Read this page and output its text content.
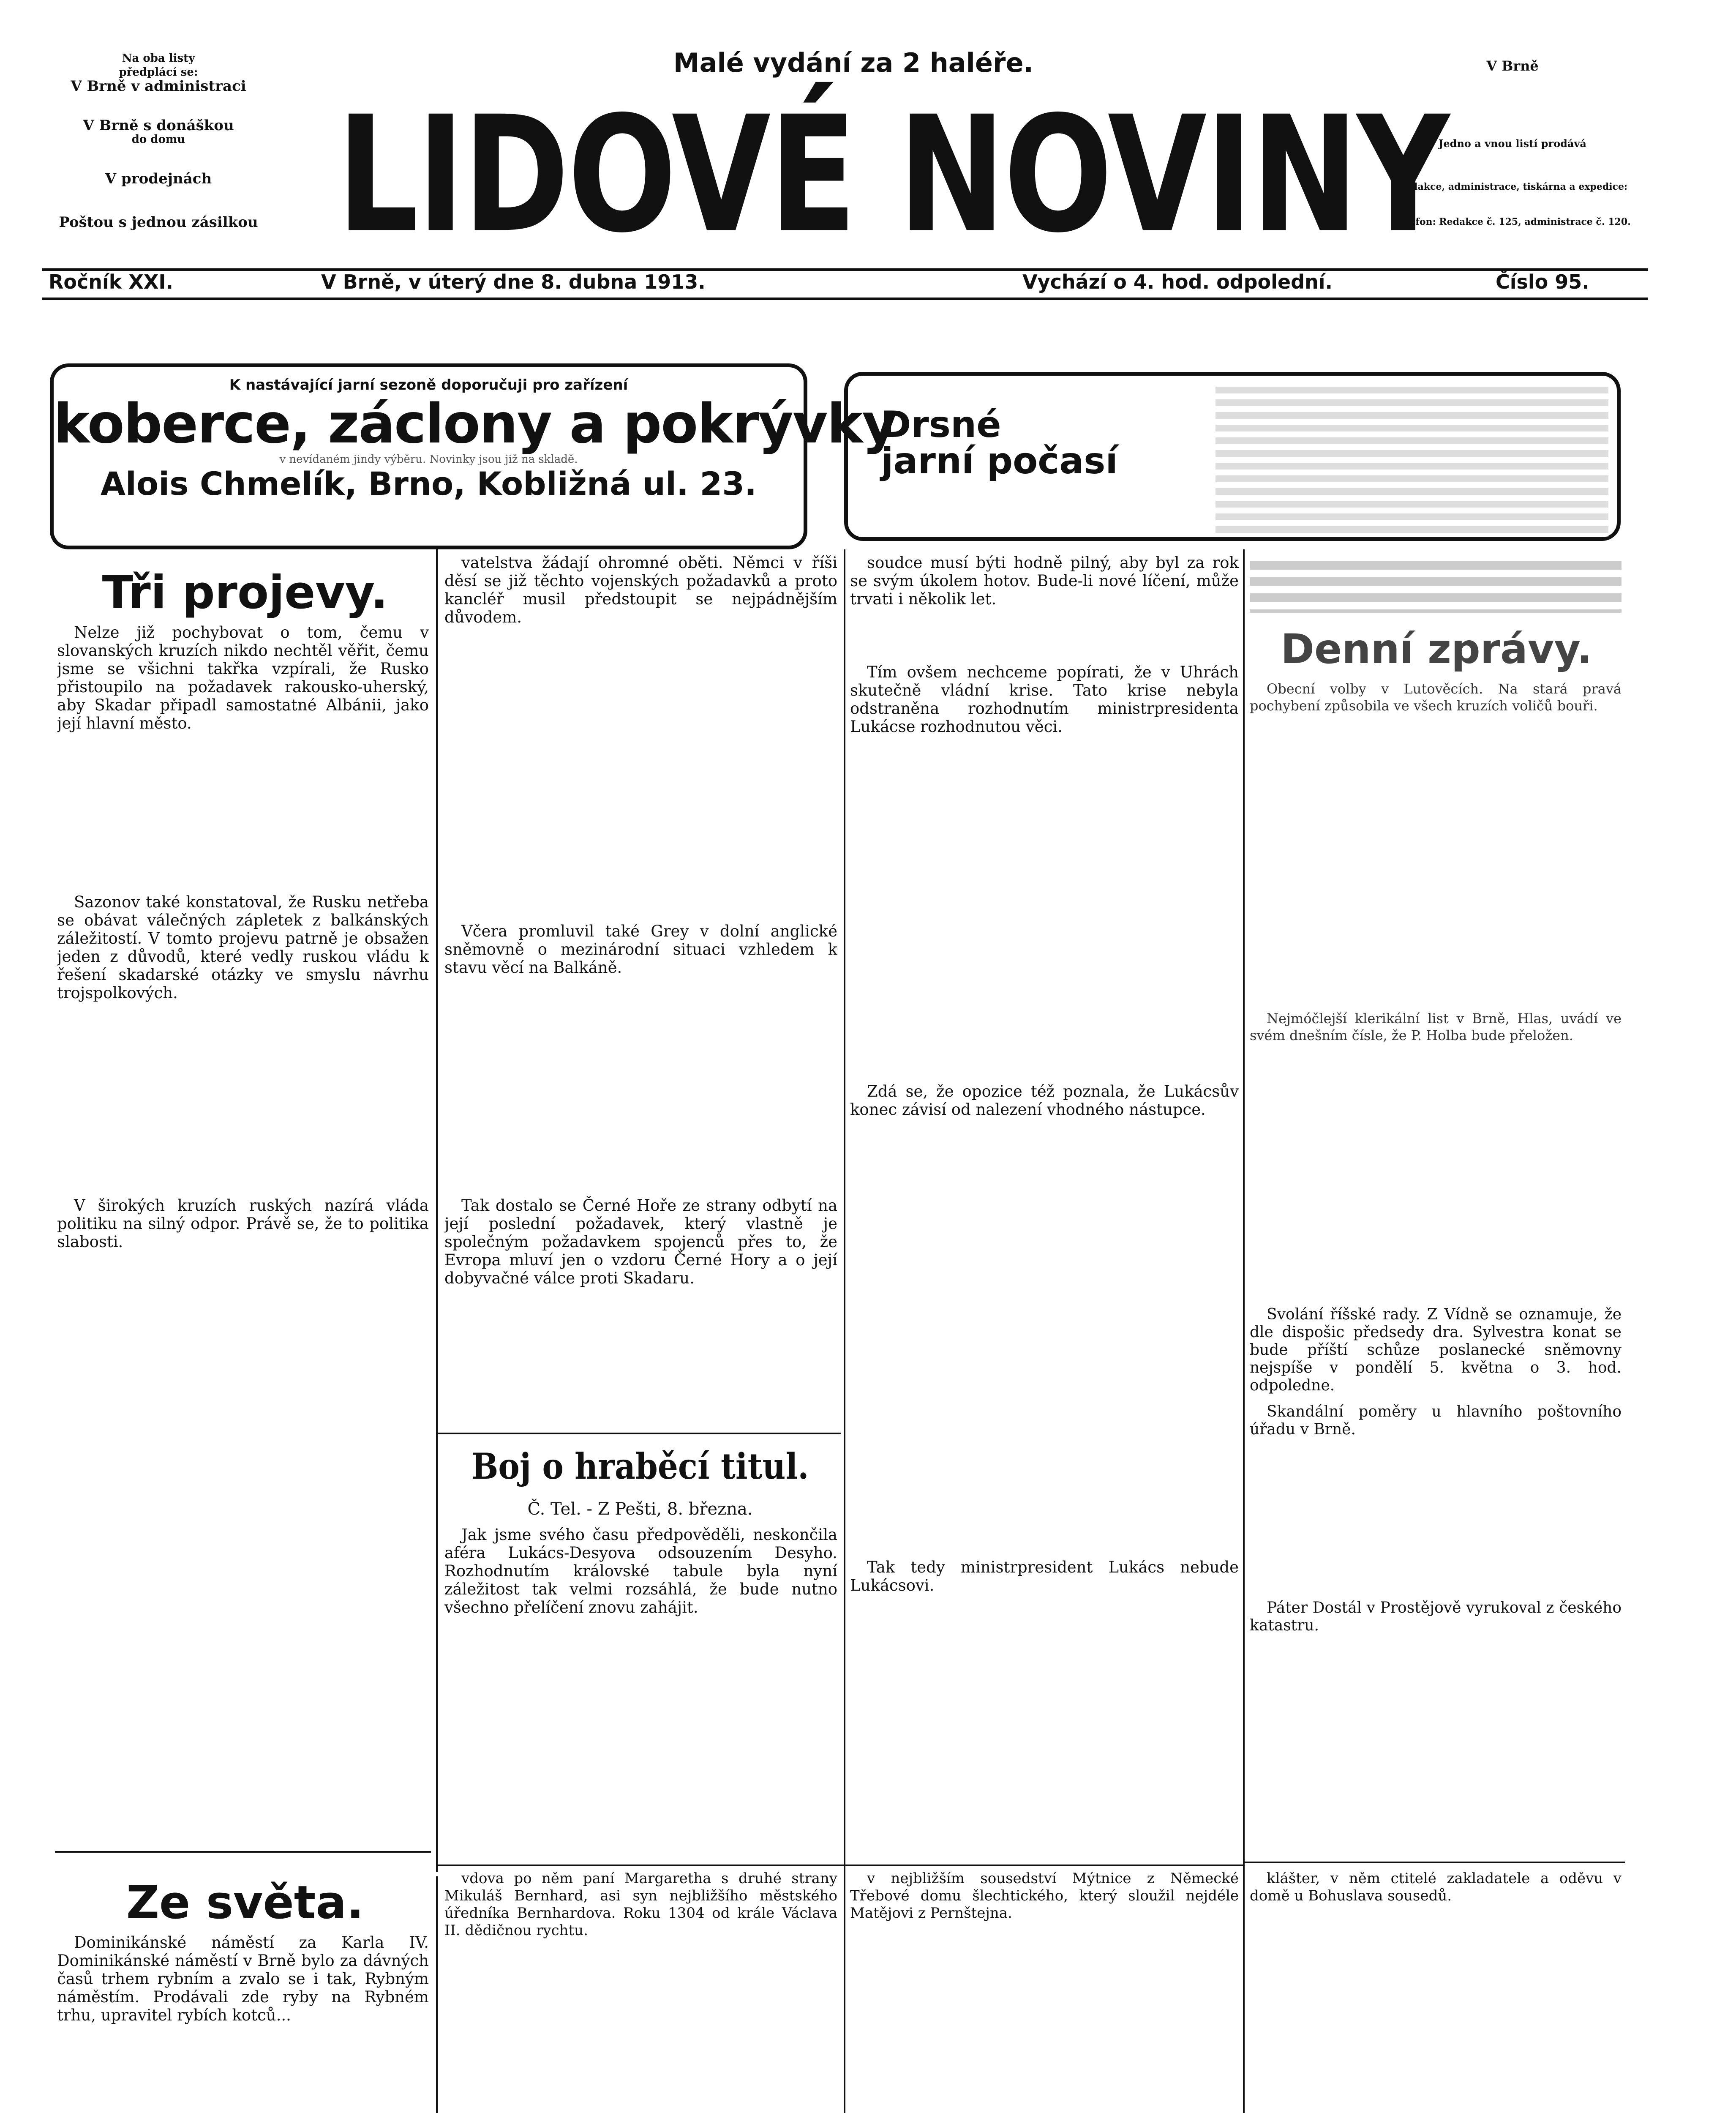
Na oba listy
předplácí se:
V Brně v administraci
V Brně s donáškou
do domu
V prodejnách
Poštou s jednou zásilkou
Malé vydání za 2 haléře.
LIDOVÉ NOVINY
V Brně
Jedno a vnou listí prodává
Redakce, administrace, tiskárna a expedice:
Telefon: Redakce č. 125, administrace č. 120.
Ročník XXI.	V Brně, v úterý dne 8. dubna 1913.	Vychází o 4. hod. odpolední.	Číslo 95.
K nastávající jarní sezoně doporučuji pro zařízení
koberce, záclony a pokrývky
v nevídaném jindy výběru. Novinky jsou již na skladě.
Alois Chmelík, Brno, Kobližná ul. 23.
Drsné
jarní počasí
Tři projevy.

Nelze již pochybovat o tom, čemu v slovanských kruzích nikdo nechtěl věřit, čemu jsme se všichni takřka vzpírali, že Rusko přistoupilo na požadavek rakousko-uherský, aby Skadar připadl samostatné Albánii, jako její hlavní město.

Sazonov také konstatoval, že Rusku netřeba se obávat válečných zápletek z balkánských záležitostí. V tomto projevu patrně je obsažen jeden z důvodů, které vedly ruskou vládu k řešení skadarské otázky ve smyslu návrhu trojspolkových.

V širokých kruzích ruských nazírá vláda politiku na silný odpor. Právě se, že to politika slabosti.

Ze světa.

Dominikánské náměstí za Karla IV. Dominikánské náměstí v Brně bylo za dávných časů trhem rybním a zvalo se i tak, Rybným náměstím. Prodávali zde ryby na Rybném trhu, upravitel rybích kotců...

vatelstva žádají ohromné oběti. Němci v říši děsí se již těchto vojenských požadavků a proto kancléř musil předstoupit se nejpádnějším důvodem.

Včera promluvil také Grey v dolní anglické sněmovně o mezinárodní situaci vzhledem k stavu věcí na Balkáně.

Tak dostalo se Černé Hoře ze strany odbytí na její poslední požadavek, který vlastně je společným požadavkem spojenců přes to, že Evropa mluví jen o vzdoru Černé Hory a o její dobyvačné válce proti Skadaru.

Boj o hraběcí titul.
Č. Tel. - Z Pešti, 8. března.

Jak jsme svého času předpověděli, neskončila aféra Lukács-Desyova odsouzením Desyho. Rozhodnutím královské tabule byla nyní záležitost tak velmi rozsáhlá, že bude nutno všechno přelíčení znovu zahájit.

soudce musí býti hodně pilný, aby byl za rok se svým úkolem hotov. Bude-li nové líčení, může trvati i několik let.

Tím ovšem nechceme popírati, že v Uhrách skutečně vládní krise. Tato krise nebyla odstraněna rozhodnutím ministrpresidenta Lukácse rozhodnutou věci.

Zdá se, že opozice též poznala, že Lukácsův konec závisí od nalezení vhodného nástupce.

Tak tedy ministrpresident Lukács nebude Lukácsovi.

Denní zprávy.

Obecní volby v Lutověcích. Na stará pravá pochybení způsobila ve všech kruzích voličů bouři.

Nejmóčlejší klerikální list v Brně, Hlas, uvádí ve svém dnešním čísle, že P. Holba bude přeložen.

Svolání říšské rady. Z Vídně se oznamuje, že dle dispošic předsedy dra. Sylvestra konat se bude příští schůze poslanecké sněmovny nejspíše v pondělí 5. května o 3. hod. odpoledne.

Skandální poměry u hlavního poštovního úřadu v Brně.

Páter Dostál v Prostějově vyrukoval z českého katastru.

vdova po něm paní Margaretha s druhé strany Mikuláš Bernhard, asi syn nejbližšího městského úředníka Bernhardova. Roku 1304 od krále Václava II. dědičnou rychtu.

v nejbližším sousedství Mýtnice z Německé Třebové domu šlechtického, který sloužil nejdéle Matějovi z Pernštejna.

klášter, v něm ctitelé zakladatele a oděvu v domě u Bohuslava sousedů.
